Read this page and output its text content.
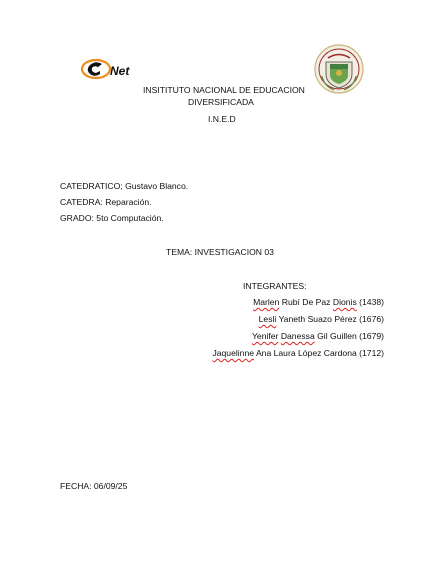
Net
INSITITUTO NACIONAL DE EDUCACION
DIVERSIFICADA
I.N.E.D
CATEDRATICO; Gustavo Blanco.
CATEDRA: Reparación.
GRADO: 5to Computación.
TEMA: INVESTIGACION 03
INTEGRANTES:
Marlen Rubí De Paz Dionis (1438)
Lesli Yaneth Suazo Pérez (1676)
Yenifer Danessa Gil Guillen (1679)
Jaquelinne Ana Laura López Cardona (1712)
FECHA: 06/09/25
